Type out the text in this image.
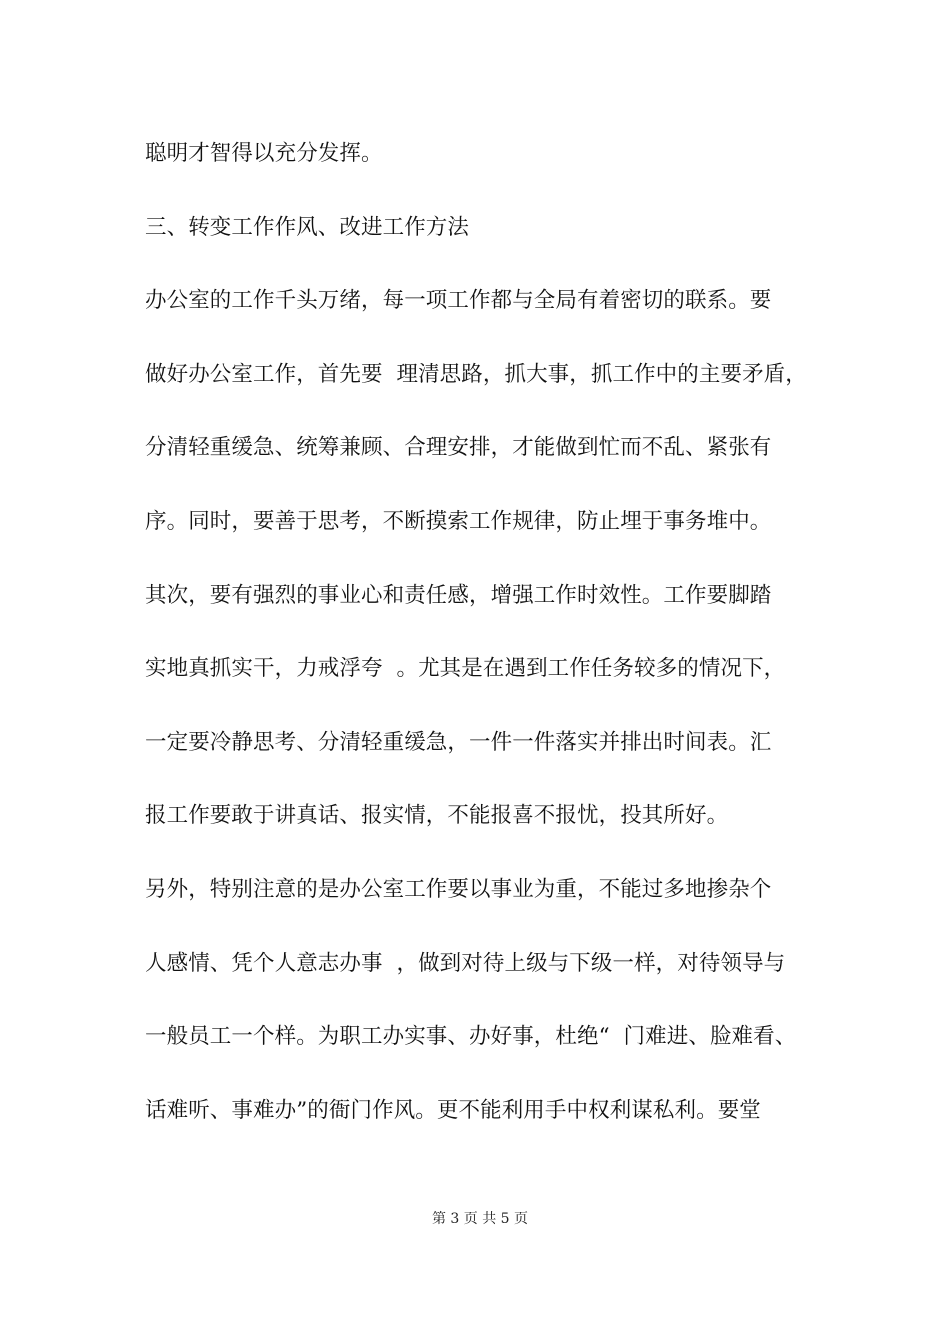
聪明才智得以充分发挥。
三、转变工作作风、改进工作方法
办公室的工作千头万绪，每一项工作都与全局有着密切的联系。要
做好办公室工作，首先要  理清思路，抓大事，抓工作中的主要矛盾，
分清轻重缓急、统筹兼顾、合理安排，才能做到忙而不乱、紧张有
序。同时，要善于思考，不断摸索工作规律，防止埋于事务堆中。
其次，要有强烈的事业心和责任感，增强工作时效性。工作要脚踏
实地真抓实干，力戒浮夸  。尤其是在遇到工作任务较多的情况下，
一定要冷静思考、分清轻重缓急，一件一件落实并排出时间表。汇
报工作要敢于讲真话、报实情，不能报喜不报忧，投其所好。
另外，特别注意的是办公室工作要以事业为重，不能过多地掺杂个
人感情、凭个人意志办事  ，做到对待上级与下级一样，对待领导与
一般员工一个样。为职工办实事、办好事，杜绝“  门难进、脸难看、
话难听、事难办”的衙门作风。更不能利用手中权利谋私利。要堂
第 3 页 共 5 页
